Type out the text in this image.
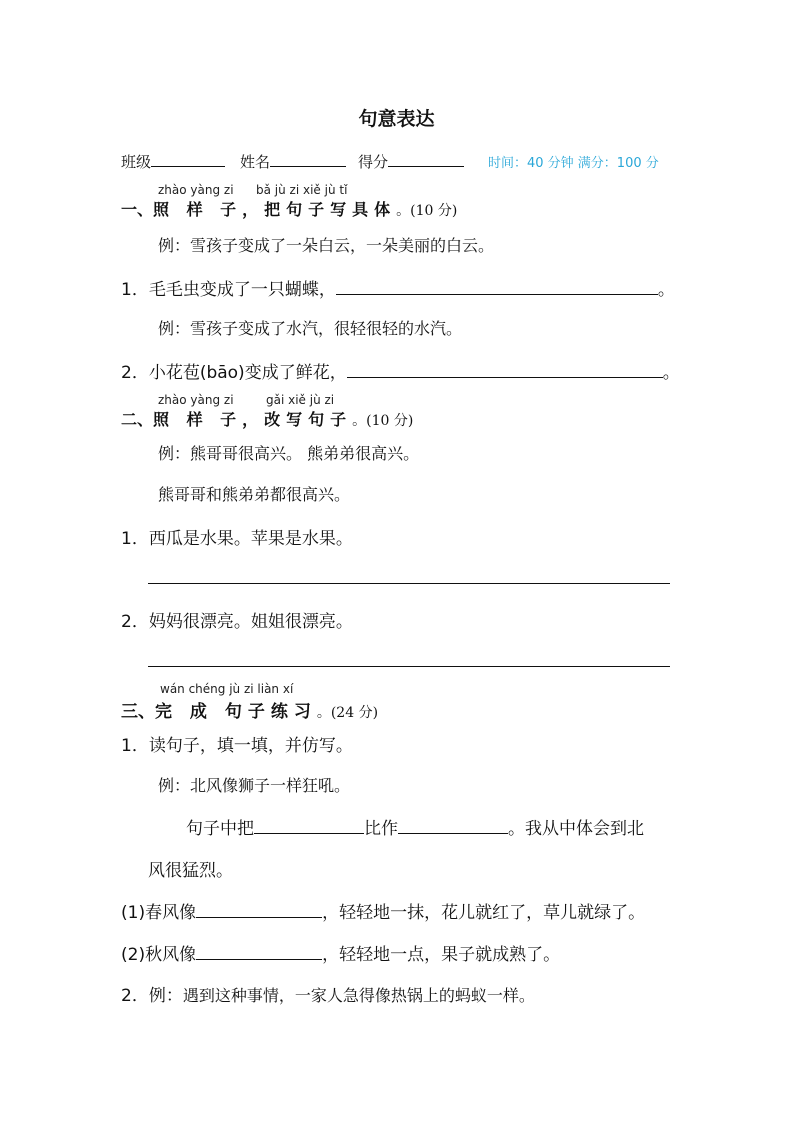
句意表达
班级	姓名	得分	时间：40 分钟 满分：100 分
zhào yàng zi bǎ jù zi xiě jù tǐ
一、照 样 子，把句子写具体。(10 分)
例：雪孩子变成了一朵白云，一朵美丽的白云。
1．毛毛虫变成了一只蝴蝶，	。
例：雪孩子变成了水汽，很轻很轻的水汽。
2．小花苞(bāo)变成了鲜花，	。
zhào yàng zi	gǎi xiě jù zi
二、照 样 子，改写句子。(10 分)
例：熊哥哥很高兴。 熊弟弟很高兴。
熊哥哥和熊弟弟都很高兴。
1．西瓜是水果。苹果是水果。
2．妈妈很漂亮。姐姐很漂亮。
wán chéng jù zi liàn xí
三、完 成 句子练习。(24 分)
1．读句子，填一填，并仿写。
例：北风像狮子一样狂吼。
句子中把	比作	。我从中体会到北
风很猛烈。
(1)春风像	，轻轻地一抹，花儿就红了，草儿就绿了。
(2)秋风像	，轻轻地一点，果子就成熟了。
2．例：遇到这种事情，一家人急得像热锅上的蚂蚁一样。
